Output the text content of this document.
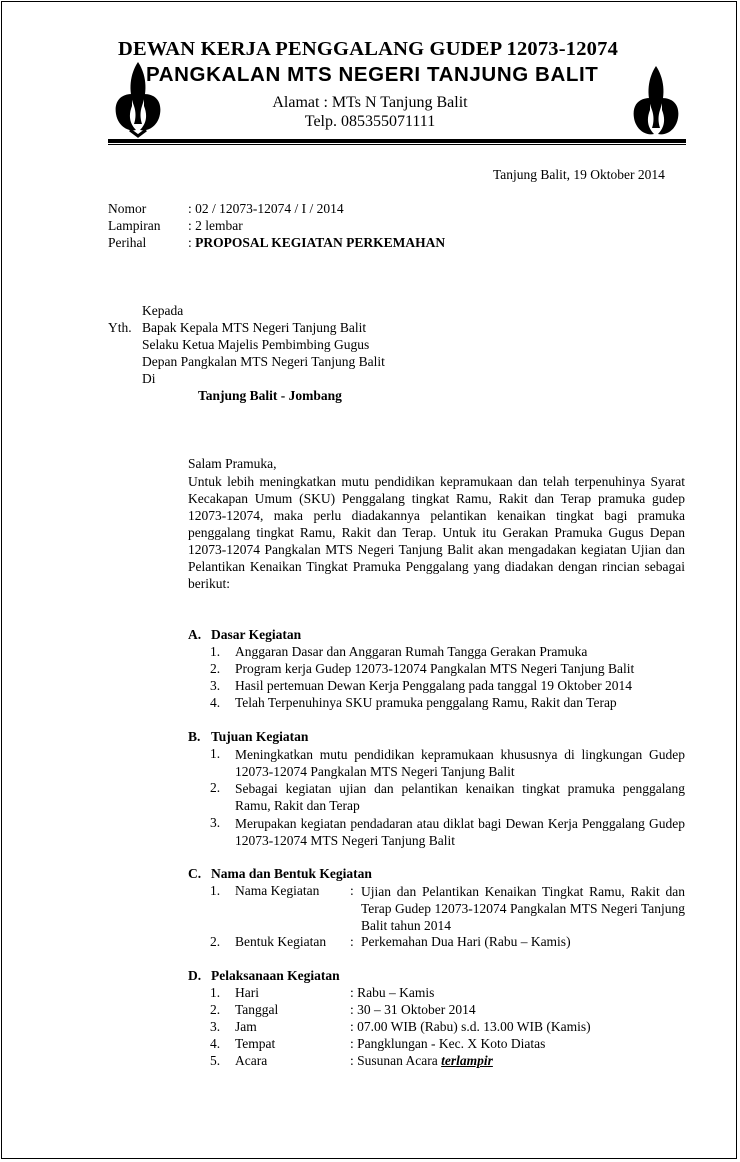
DEWAN KERJA PENGGALANG GUDEP 12073-12074
PANGKALAN MTS NEGERI TANJUNG BALIT
Alamat : MTs N Tanjung Balit
Telp. 085355071111
Tanjung Balit, 19 Oktober 2014
Nomor	: 02 / 12073-12074 / I / 2014
Lampiran : 2 lembar
Perihal	: PROPOSAL KEGIATAN PERKEMAHAN
Kepada
Yth. Bapak Kepala MTS Negeri Tanjung Balit
Selaku Ketua Majelis Pembimbing Gugus
Depan Pangkalan MTS Negeri Tanjung Balit
Di
Tanjung Balit - Jombang
Salam Pramuka,
Untuk lebih meningkatkan mutu pendidikan kepramukaan dan telah terpenuhinya Syarat Kecakapan Umum (SKU) Penggalang tingkat Ramu, Rakit dan Terap pramuka gudep 12073-12074, maka perlu diadakannya pelantikan kenaikan tingkat bagi pramuka penggalang tingkat Ramu, Rakit dan Terap. Untuk itu Gerakan Pramuka Gugus Depan 12073-12074 Pangkalan MTS Negeri Tanjung Balit akan mengadakan kegiatan Ujian dan Pelantikan Kenaikan Tingkat Pramuka Penggalang yang diadakan dengan rincian sebagai berikut:
A. Dasar Kegiatan
1. Anggaran Dasar dan Anggaran Rumah Tangga Gerakan Pramuka
2. Program kerja Gudep 12073-12074 Pangkalan MTS Negeri Tanjung Balit
3. Hasil pertemuan Dewan Kerja Penggalang pada tanggal 19 Oktober 2014
4. Telah Terpenuhinya SKU pramuka penggalang Ramu, Rakit dan Terap
B. Tujuan Kegiatan
1. Meningkatkan mutu pendidikan kepramukaan khususnya di lingkungan Gudep 12073-12074 Pangkalan MTS Negeri Tanjung Balit
2. Sebagai kegiatan ujian dan pelantikan kenaikan tingkat pramuka penggalang Ramu, Rakit dan Terap
3. Merupakan kegiatan pendadaran atau diklat bagi Dewan Kerja Penggalang Gudep 12073-12074 MTS Negeri Tanjung Balit
C. Nama dan Bentuk Kegiatan
1. Nama Kegiatan : Ujian dan Pelantikan Kenaikan Tingkat Ramu, Rakit dan Terap Gudep 12073-12074 Pangkalan MTS Negeri Tanjung Balit tahun 2014
2. Bentuk Kegiatan : Perkemahan Dua Hari (Rabu – Kamis)
D. Pelaksanaan Kegiatan
1. Hari	: Rabu – Kamis
2. Tanggal	: 30 – 31 Oktober 2014
3. Jam	: 07.00 WIB (Rabu) s.d. 13.00 WIB (Kamis)
4. Tempat	: Pangklungan - Kec. X Koto Diatas
5. Acara	: Susunan Acara terlampir
